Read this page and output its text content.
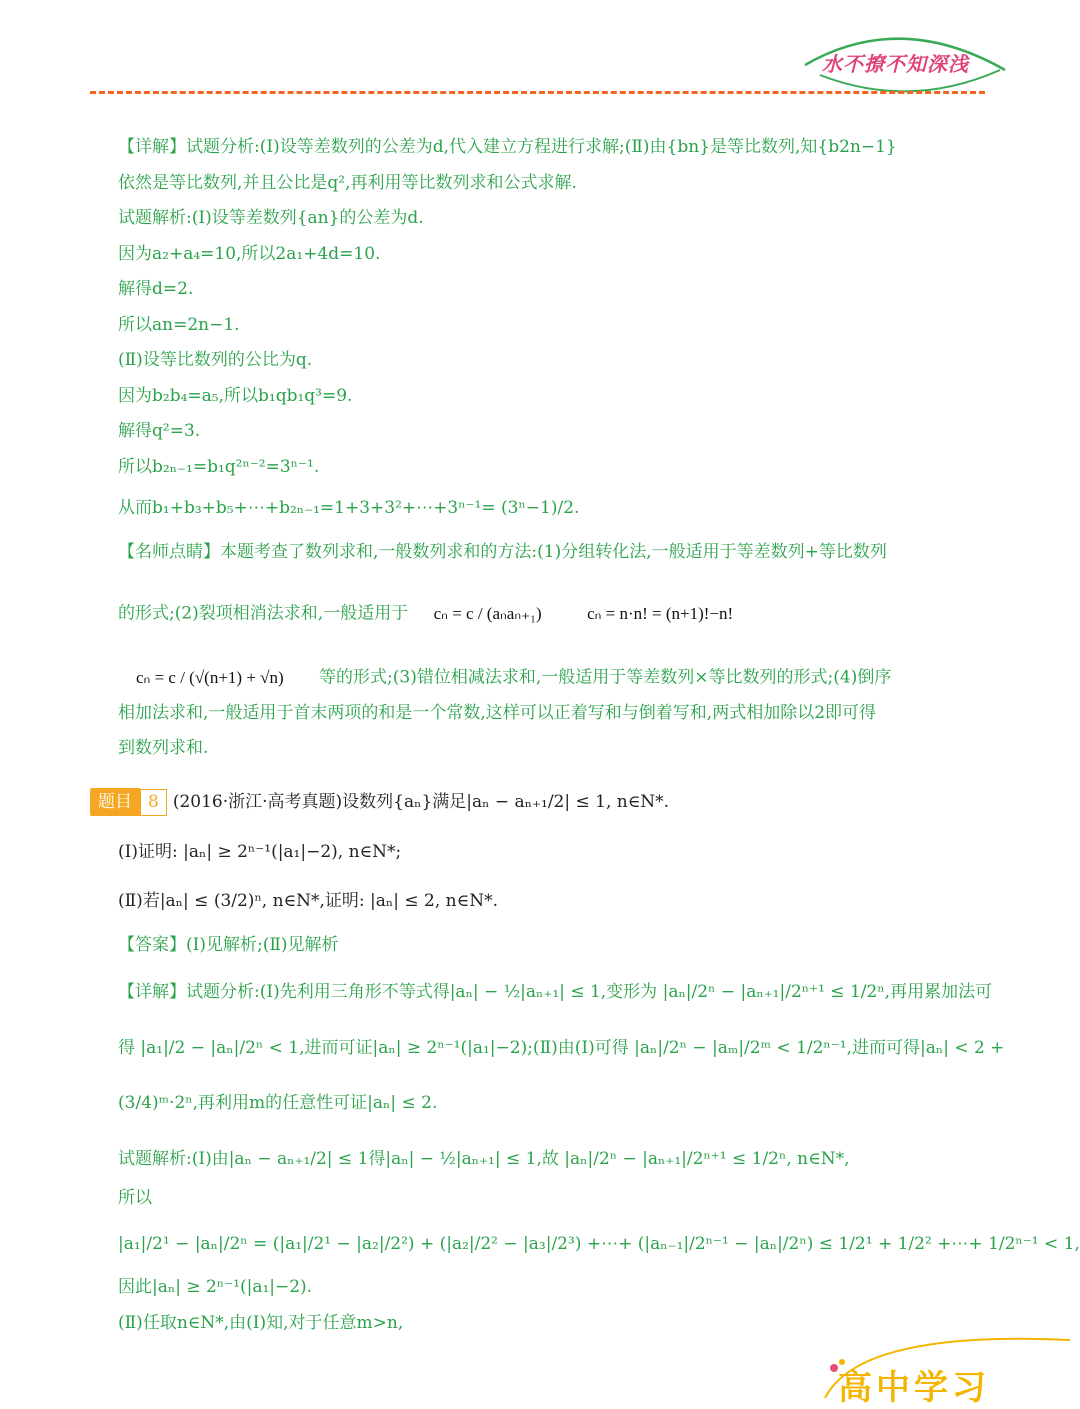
水不撩不知深浅
【详解】试题分析:(Ⅰ)设等差数列的公差为d,代入建立方程进行求解;(Ⅱ)由{bn}是等比数列,知{b2n−1}
依然是等比数列,并且公比是q²,再利用等比数列求和公式求解.
试题解析:(Ⅰ)设等差数列{an}的公差为d.
因为a₂+a₄=10,所以2a₁+4d=10.
解得d=2.
所以an=2n−1.
(Ⅱ)设等比数列的公比为q.
因为b₂b₄=a₅,所以b₁qb₁q³=9.
解得q²=3.
所以b₂ₙ₋₁=b₁q²ⁿ⁻²=3ⁿ⁻¹.
从而b₁+b₃+b₅+⋯+b₂ₙ₋₁=1+3+3²+⋯+3ⁿ⁻¹= (3ⁿ−1)/2.
【名师点睛】本题考查了数列求和,一般数列求和的方法:(1)分组转化法,一般适用于等差数列+等比数列
的形式;(2)裂项相消法求和,一般适用于 cₙ = c / (aₙaₙ₊₁)	cₙ = n·n! = (n+1)!−n!
cₙ = c / (√(n+1) + √n) 等的形式;(3)错位相减法求和,一般适用于等差数列×等比数列的形式;(4)倒序
相加法求和,一般适用于首末两项的和是一个常数,这样可以正着写和与倒着写和,两式相加除以2即可得
到数列求和.
题目 8 (2016·浙江·高考真题)设数列{aₙ}满足|aₙ − aₙ₊₁/2| ≤ 1, n∈N*.
(Ⅰ)证明: |aₙ| ≥ 2ⁿ⁻¹(|a₁|−2), n∈N*;
(Ⅱ)若|aₙ| ≤ (3/2)ⁿ, n∈N*,证明: |aₙ| ≤ 2, n∈N*.
【答案】(Ⅰ)见解析;(Ⅱ)见解析
【详解】试题分析:(Ⅰ)先利用三角形不等式得|aₙ| − ½|aₙ₊₁| ≤ 1,变形为 |aₙ|/2ⁿ − |aₙ₊₁|/2ⁿ⁺¹ ≤ 1/2ⁿ,再用累加法可
得 |a₁|/2 − |aₙ|/2ⁿ < 1,进而可证|aₙ| ≥ 2ⁿ⁻¹(|a₁|−2);(Ⅱ)由(Ⅰ)可得 |aₙ|/2ⁿ − |aₘ|/2ᵐ < 1/2ⁿ⁻¹,进而可得|aₙ| < 2 +
(3/4)ᵐ·2ⁿ,再利用m的任意性可证|aₙ| ≤ 2.
试题解析:(Ⅰ)由|aₙ − aₙ₊₁/2| ≤ 1得|aₙ| − ½|aₙ₊₁| ≤ 1,故 |aₙ|/2ⁿ − |aₙ₊₁|/2ⁿ⁺¹ ≤ 1/2ⁿ, n∈N*,
所以
|a₁|/2¹ − |aₙ|/2ⁿ = (|a₁|/2¹ − |a₂|/2²) + (|a₂|/2² − |a₃|/2³) +⋯+ (|aₙ₋₁|/2ⁿ⁻¹ − |aₙ|/2ⁿ) ≤ 1/2¹ + 1/2² +⋯+ 1/2ⁿ⁻¹ < 1,
因此|aₙ| ≥ 2ⁿ⁻¹(|a₁|−2).
(Ⅱ)任取n∈N*,由(Ⅰ)知,对于任意m>n,
高中学习
